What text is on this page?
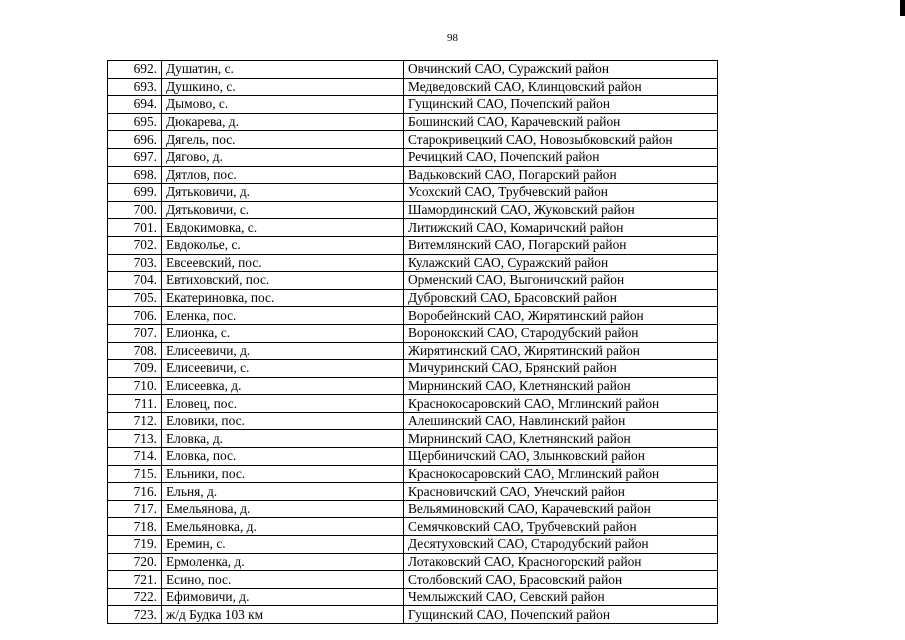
98
692.	Душатин, с.	Овчинский САО, Суражский район
693.	Душкино, с.	Медведовский САО, Клинцовский район
694.	Дымово, с.	Гущинский САО, Почепский район
695.	Дюкарева, д.	Бошинский САО, Карачевский район
696.	Дягель, пос.	Старокривецкий САО, Новозыбковский район
697.	Дягово, д.	Речицкий САО, Почепский район
698.	Дятлов, пос.	Вадьковский САО, Погарский район
699.	Дятьковичи, д.	Усохский САО, Трубчевский район
700.	Дятьковичи, с.	Шамординский САО, Жуковский район
701.	Евдокимовка, с.	Литижский САО, Комаричский район
702.	Евдоколье, с.	Витемлянский САО, Погарский район
703.	Евсеевский, пос.	Кулажский САО, Суражский район
704.	Евтиховский, пос.	Орменский САО, Выгоничский район
705.	Екатериновка, пос.	Дубровский САО, Брасовский район
706.	Еленка, пос.	Воробейнский САО, Жирятинский район
707.	Елионка, с.	Воронокский САО, Стародубский район
708.	Елисеевичи, д.	Жирятинский САО, Жирятинский район
709.	Елисеевичи, с.	Мичуринский САО, Брянский район
710.	Елисеевка, д.	Мирнинский САО, Клетнянский район
711.	Еловец, пос.	Краснокосаровский САО, Мглинский район
712.	Еловики, пос.	Алешинский САО, Навлинский район
713.	Еловка, д.	Мирнинский САО, Клетнянский район
714.	Еловка, пос.	Щербиничский САО, Злынковский район
715.	Ельники, пос.	Краснокосаровский САО, Мглинский район
716.	Ельня, д.	Красновичский САО, Унечский район
717.	Емельянова, д.	Вельяминовский САО, Карачевский район
718.	Емельяновка, д.	Семячковский САО, Трубчевский район
719.	Еремин, с.	Десятуховский САО, Стародубский район
720.	Ермоленка, д.	Лотаковский САО, Красногорский район
721.	Есино, пос.	Столбовский САО, Брасовский район
722.	Ефимовичи, д.	Чемлыжский САО, Севский район
723.	ж/д Будка 103 км	Гущинский САО, Почепский район
